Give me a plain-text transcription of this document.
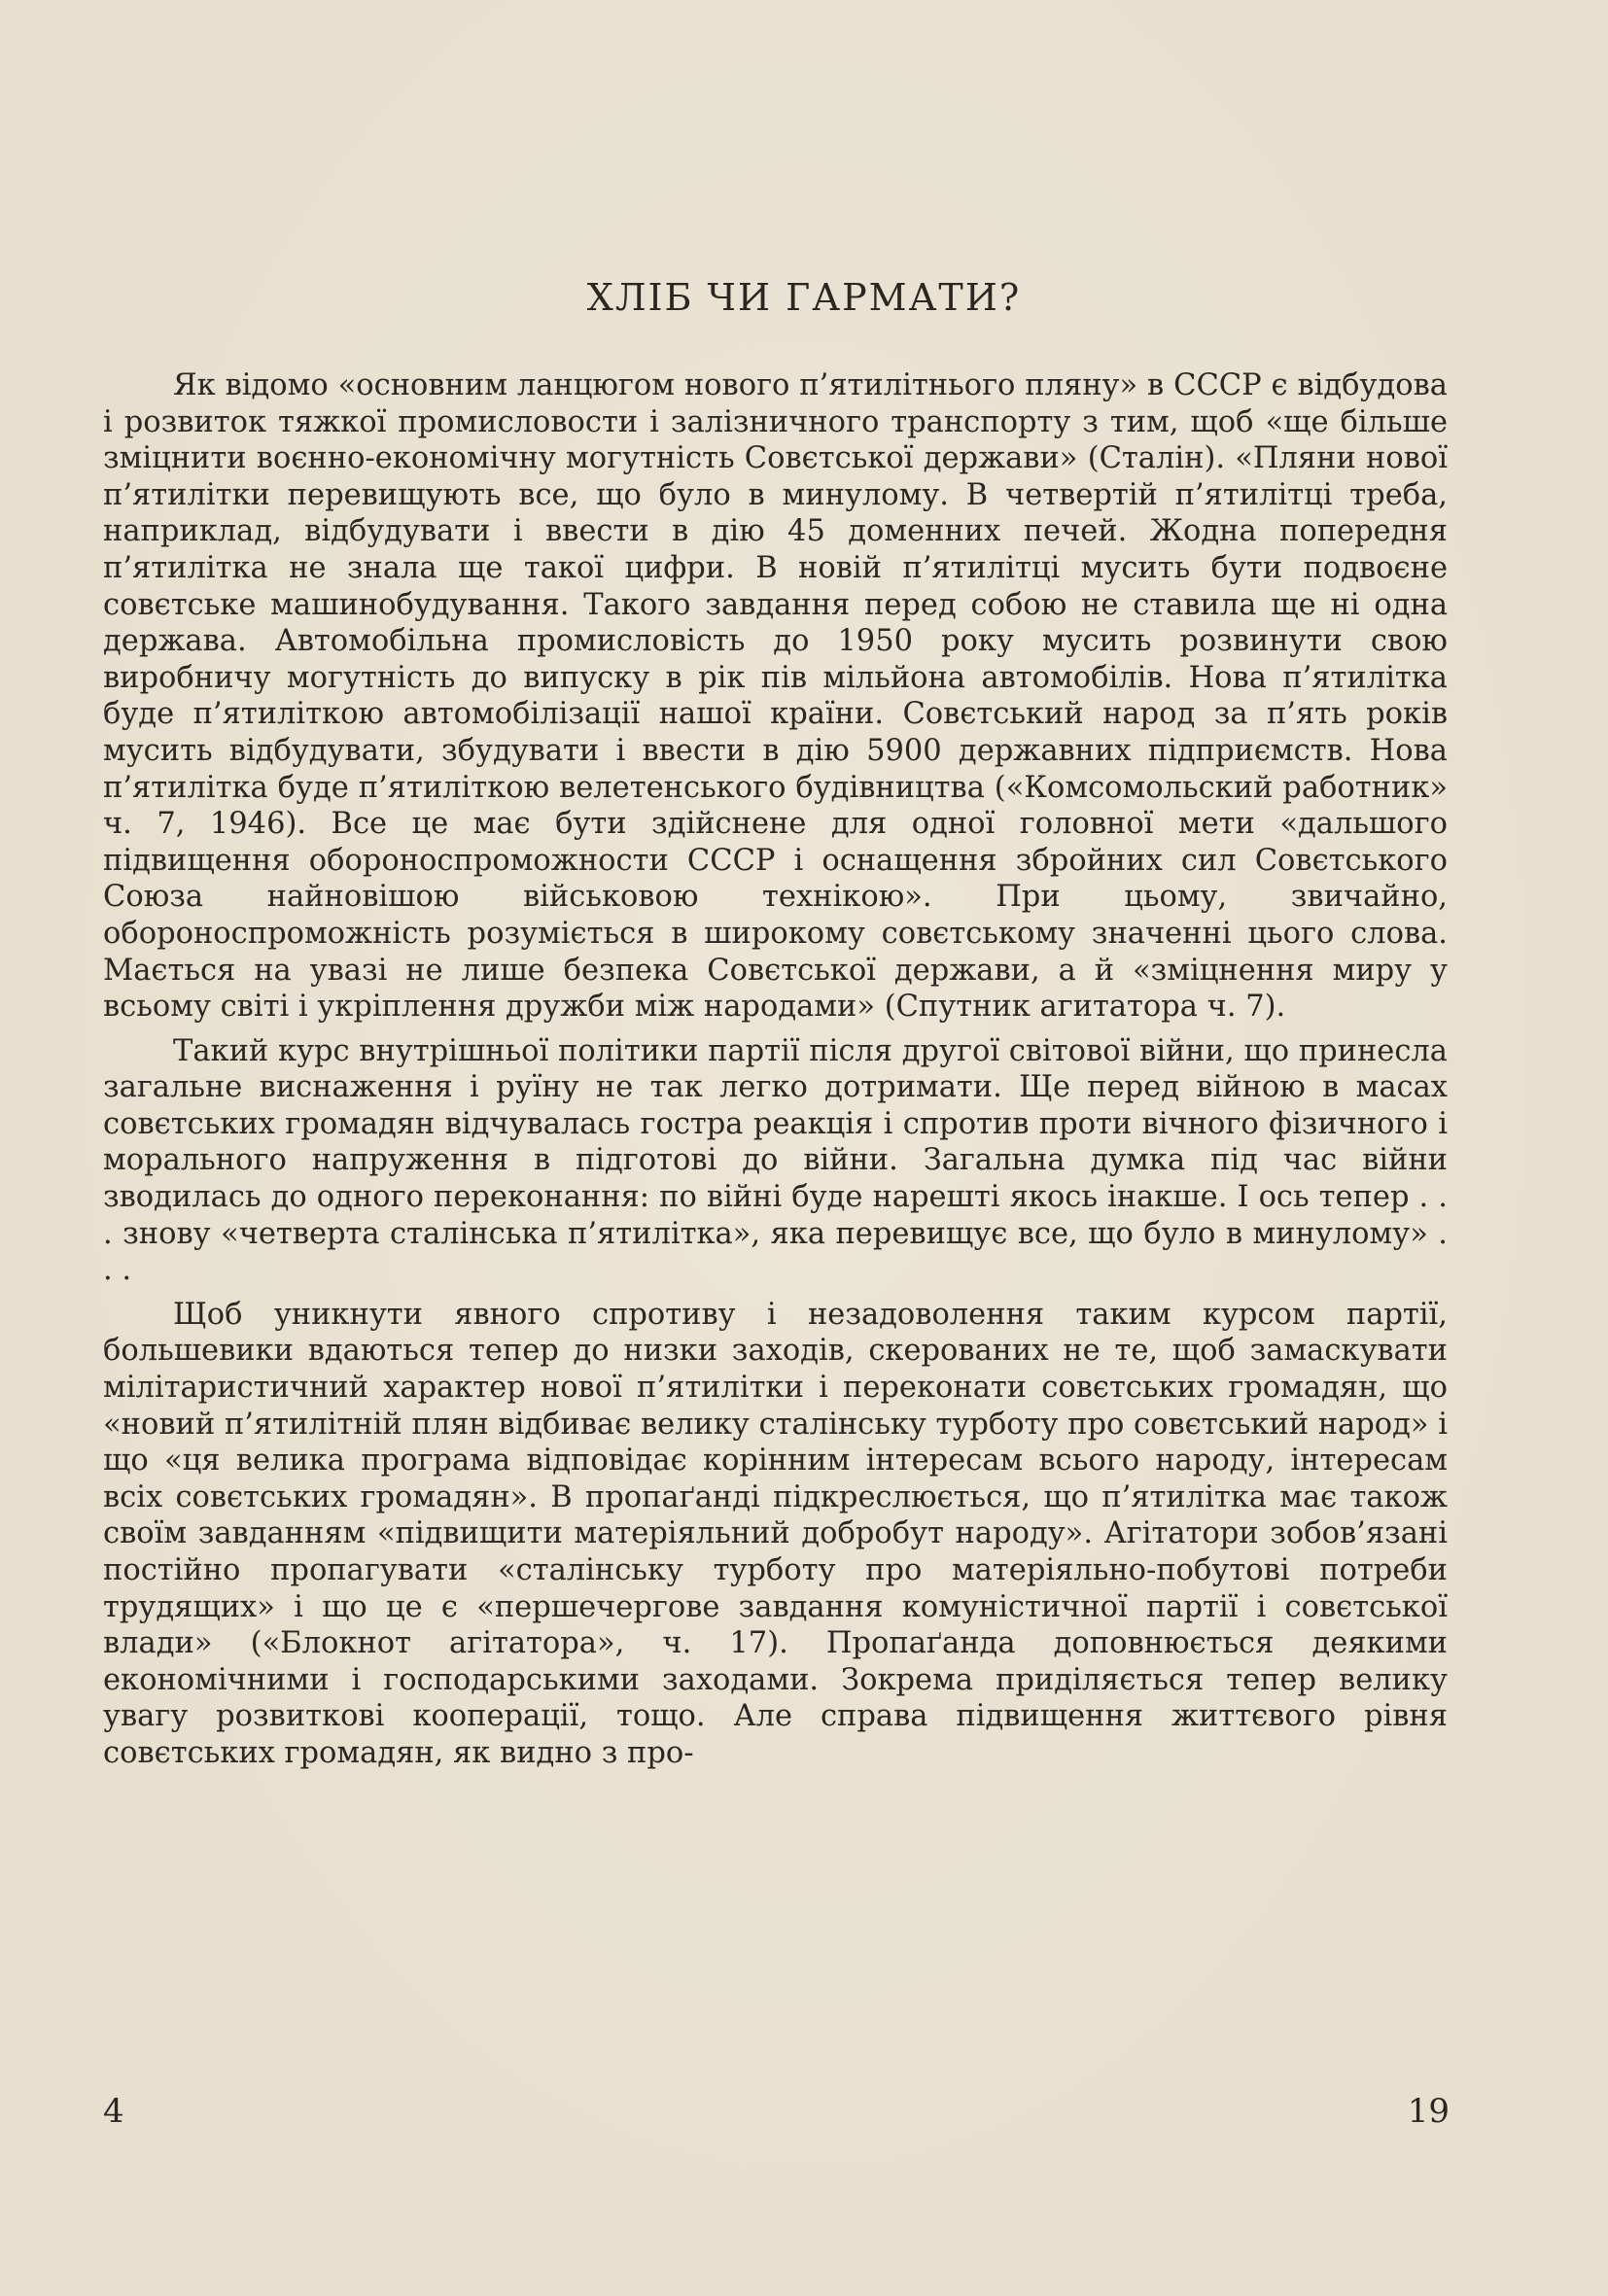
ХЛІБ ЧИ ГАРМАТИ?

Як відомо «основним ланцюгом нового п’ятилітнього пляну» в СССР є відбудова і розвиток тяжкої промисловости і залізничного транспорту з тим, щоб «ще більше зміцнити воєнно-економічну могутність Совєтської держави» (Сталін). «Пляни нової п’ятилітки перевищують все, що було в минулому. В четвертій п’ятилітці треба, наприклад, відбудувати і ввести в дію 45 доменних печей. Жодна попередня п’ятилітка не знала ще такої цифри. В новій п’ятилітці мусить бути подвоєне совєтське машинобудування. Такого завдання перед собою не ставила ще ні одна держава. Автомобільна промисловість до 1950 року мусить розвинути свою виробничу могутність до випуску в рік пів мільйона автомобілів. Нова п’ятилітка буде п’ятиліткою автомобілізації нашої країни. Совєтський народ за п’ять років мусить відбудувати, збудувати і ввести в дію 5900 державних підприємств. Нова п’ятилітка буде п’ятиліткою велетенського будівництва («Комсомольский работник» ч. 7, 1946). Все це має бути здійснене для одної головної мети «дальшого підвищення обороноспроможности СССР і оснащення збройних сил Совєтського Союза найновішою військовою технікою». При цьому, звичайно, обороноспроможність розуміється в широкому совєтському значенні цього слова. Мається на увазі не лише безпека Совєтської держави, а й «зміцнення миру у всьому світі і укріплення дружби між народами» (Спутник агитатора ч. 7).

Такий курс внутрішньої політики партії після другої світової війни, що принесла загальне виснаження і руїну не так легко дотримати. Ще перед війною в масах совєтських громадян відчувалась гостра реакція і спротив проти вічного фізичного і морального напруження в підготові до війни. Загальна думка під час війни зводилась до одного переконання: по війні буде нарешті якось інакше. І ось тепер . . . знову «четверта сталінська п’ятилітка», яка перевищує все, що було в минулому» . . .

Щоб уникнути явного спротиву і незадоволення таким курсом партії, большевики вдаються тепер до низки заходів, скерованих не те, щоб замаскувати мілітаристичний характер нової п’ятилітки і переконати совєтських громадян, що «новий п’ятилітній плян відбиває велику сталінську турботу про совєтський народ» і що «ця велика програма відповідає корінним інтересам всього народу, інтересам всіх совєтських громадян». В пропаґанді підкреслюється, що п’ятилітка має також своїм завданням «підвищити матеріяльний добробут народу». Агітатори зобов’язані постійно пропагувати «сталінську турботу про матеріяльно-побутові потреби трудящих» і що це є «першечергове завдання комуністичної партії і совєтської влади» («Блокнот агітатора», ч. 17). Пропаґанда доповнюється деякими економічними і господарськими заходами. Зокрема приділяється тепер велику увагу розвиткові кооперації, тощо. Але справа підвищення життєвого рівня совєтських громадян, як видно з про-

4	19
